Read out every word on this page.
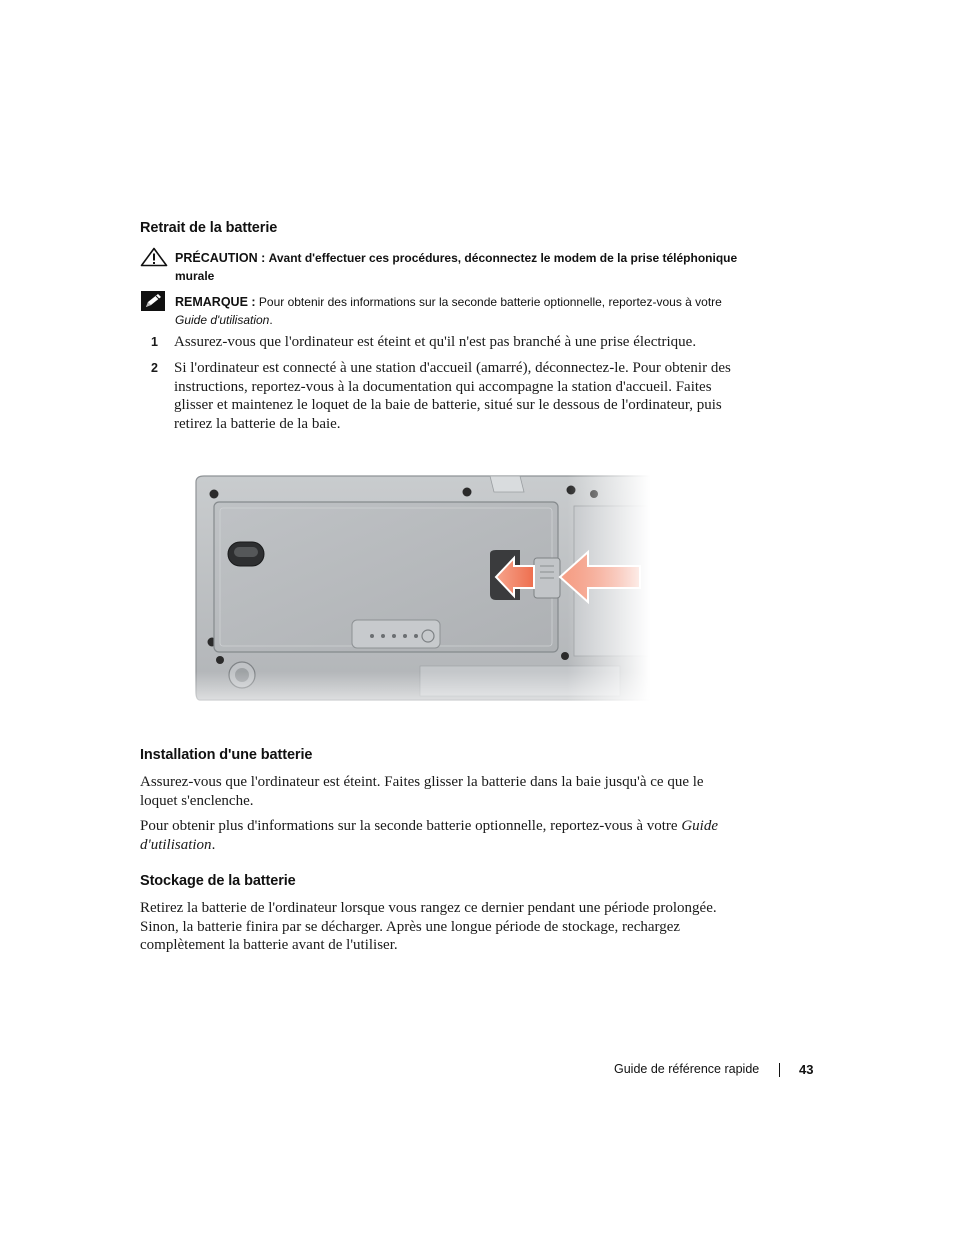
Retrait de la batterie
PRÉCAUTION : Avant d'effectuer ces procédures, déconnectez le modem de la prise téléphonique
murale
REMARQUE : Pour obtenir des informations sur la seconde batterie optionnelle, reportez-vous à votre
Guide d'utilisation.
1 Assurez-vous que l'ordinateur est éteint et qu'il n'est pas branché à une prise électrique.
2 Si l'ordinateur est connecté à une station d'accueil (amarré), déconnectez-le. Pour obtenir des
instructions, reportez-vous à la documentation qui accompagne la station d'accueil. Faites
glisser et maintenez le loquet de la baie de batterie, situé sur le dessous de l'ordinateur, puis
retirez la batterie de la baie.
Installation d'une batterie
Assurez-vous que l'ordinateur est éteint. Faites glisser la batterie dans la baie jusqu'à ce que le
loquet s'enclenche.
Pour obtenir plus d'informations sur la seconde batterie optionnelle, reportez-vous à votre Guide
d'utilisation.
Stockage de la batterie
Retirez la batterie de l'ordinateur lorsque vous rangez ce dernier pendant une période prolongée.
Sinon, la batterie finira par se décharger. Après une longue période de stockage, rechargez
complètement la batterie avant de l'utiliser.
Guide de référence rapide	43
